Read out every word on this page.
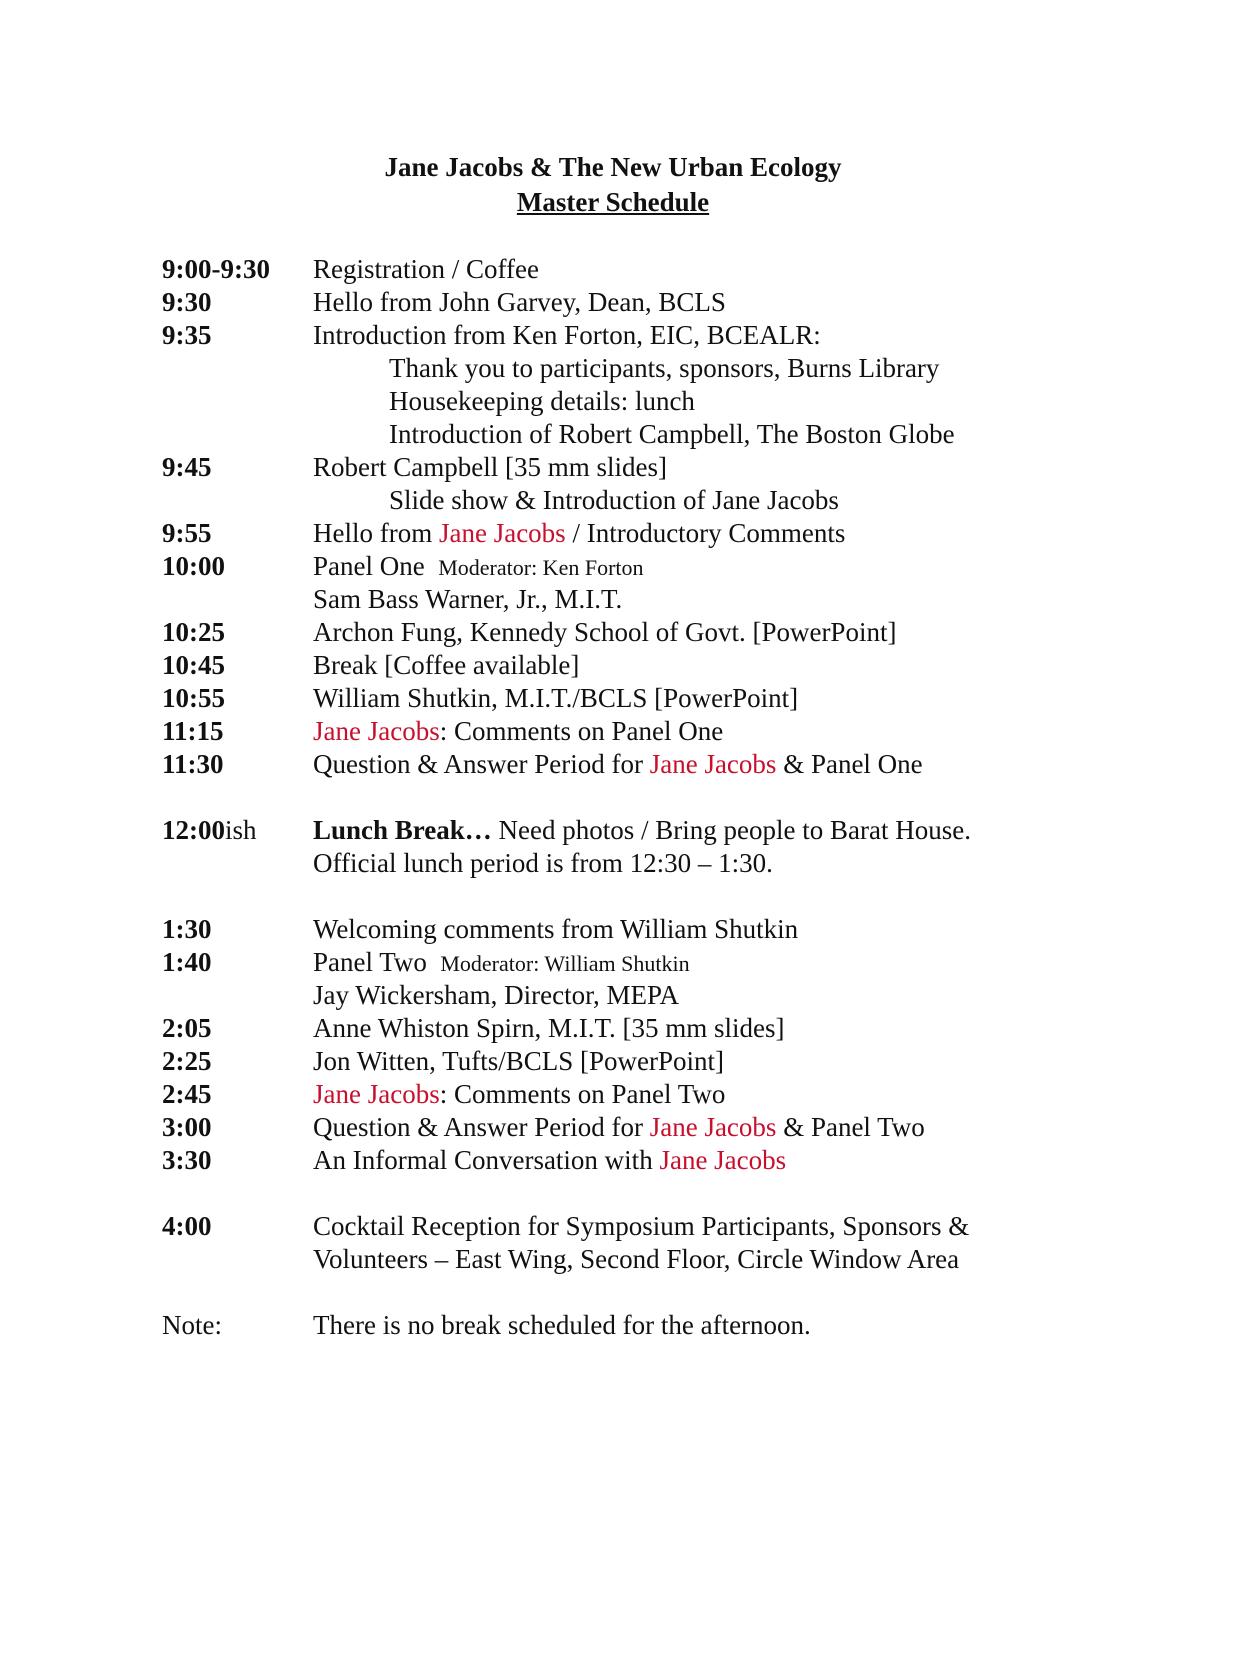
Jane Jacobs & The New Urban Ecology
Master Schedule
9:00-9:30 Registration / Coffee
9:30	Hello from John Garvey, Dean, BCLS
9:35	Introduction from Ken Forton, EIC, BCEALR:
Thank you to participants, sponsors, Burns Library
Housekeeping details: lunch
Introduction of Robert Campbell, The Boston Globe
9:45	Robert Campbell [35 mm slides]
Slide show & Introduction of Jane Jacobs
9:55	Hello from Jane Jacobs / Introductory Comments
10:00	Panel One Moderator: Ken Forton
Sam Bass Warner, Jr., M.I.T.
10:25	Archon Fung, Kennedy School of Govt. [PowerPoint]
10:45	Break [Coffee available]
10:55	William Shutkin, M.I.T./BCLS [PowerPoint]
11:15	Jane Jacobs: Comments on Panel One
11:30	Question & Answer Period for Jane Jacobs & Panel One
12:00ish Lunch Break… Need photos / Bring people to Barat House.
Official lunch period is from 12:30 – 1:30.
1:30	Welcoming comments from William Shutkin
1:40	Panel Two Moderator: William Shutkin
Jay Wickersham, Director, MEPA
2:05	Anne Whiston Spirn, M.I.T. [35 mm slides]
2:25	Jon Witten, Tufts/BCLS [PowerPoint]
2:45	Jane Jacobs: Comments on Panel Two
3:00	Question & Answer Period for Jane Jacobs & Panel Two
3:30	An Informal Conversation with Jane Jacobs
4:00	Cocktail Reception for Symposium Participants, Sponsors &
Volunteers – East Wing, Second Floor, Circle Window Area
Note:	There is no break scheduled for the afternoon.
